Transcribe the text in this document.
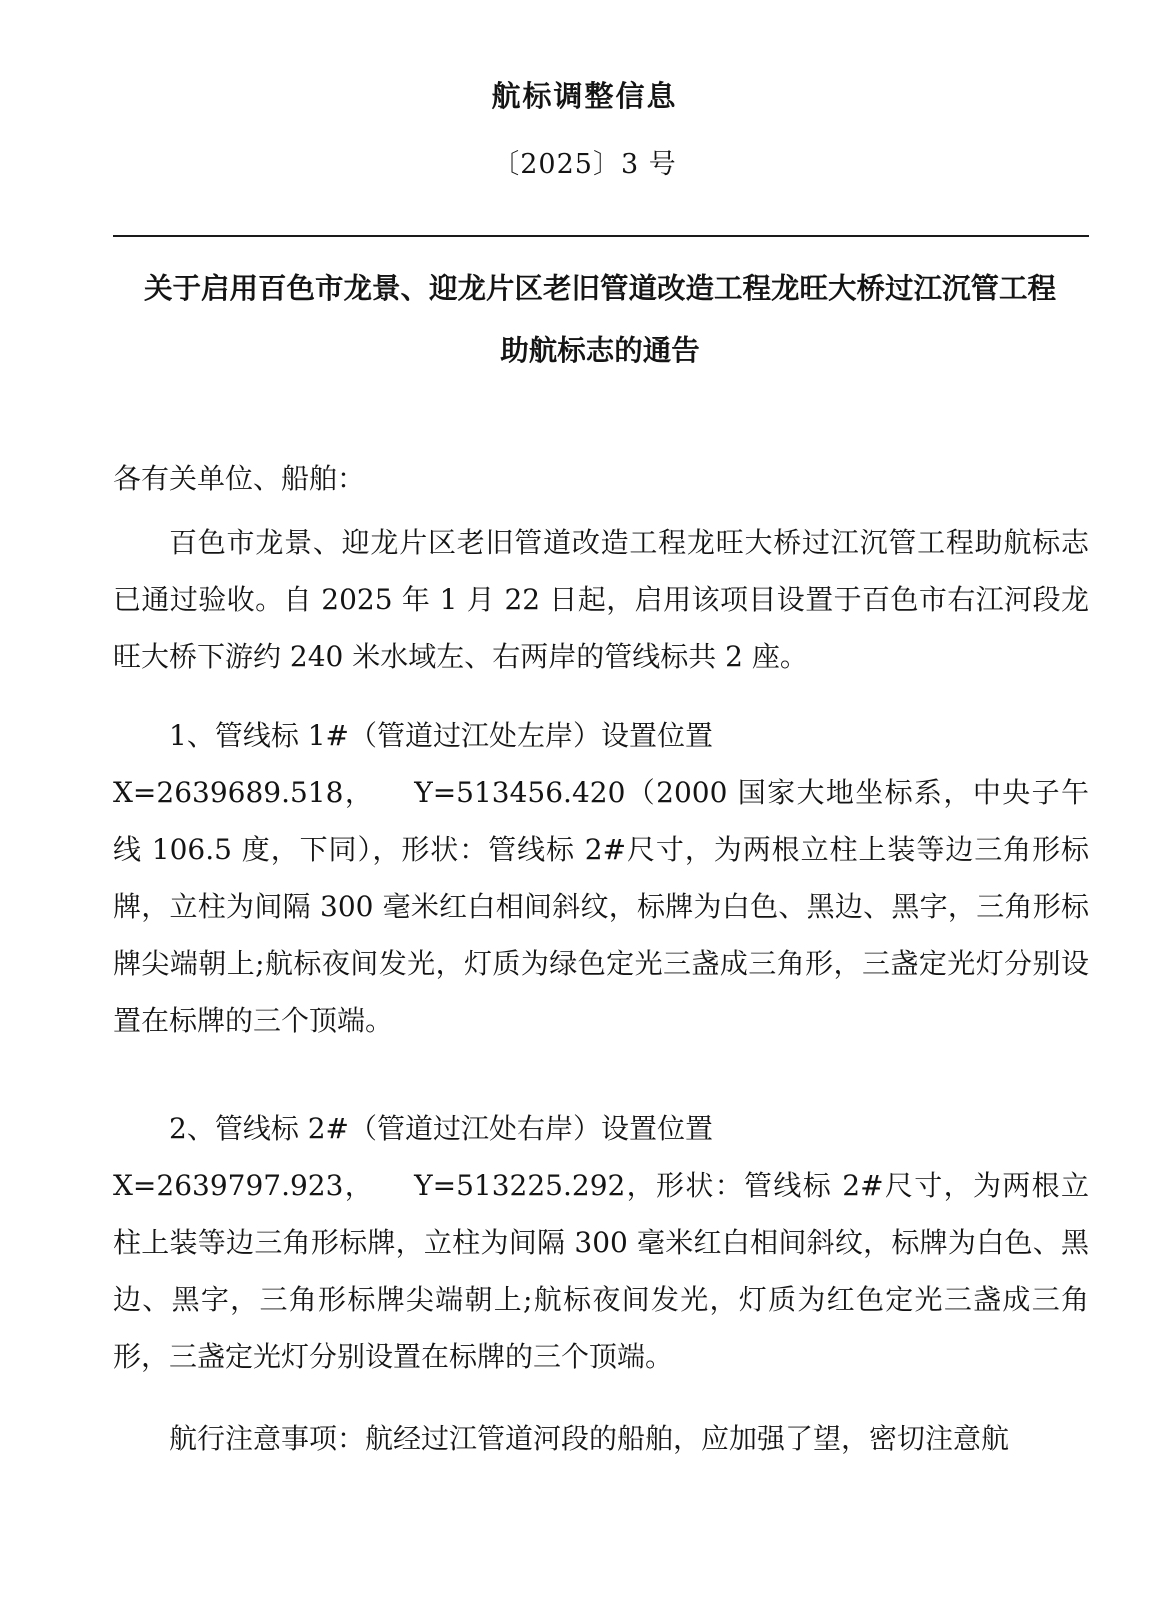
航标调整信息
〔2025〕3 号
关于启用百色市龙景、迎龙片区老旧管道改造工程龙旺大桥过江沉管工程
助航标志的通告
各有关单位、船舶：
百色市龙景、迎龙片区老旧管道改造工程龙旺大桥过江沉管工程助航标志已通过验收。自 2025 年 1 月 22 日起，启用该项目设置于百色市右江河段龙旺大桥下游约 240 米水域左、右两岸的管线标共 2 座。
1、管线标 1#（管道过江处左岸）设置位置
X=2639689.518， Y=513456.420（2000 国家大地坐标系，中央子午线 106.5 度，下同），形状：管线标 2#尺寸，为两根立柱上装等边三角形标牌，立柱为间隔 300 毫米红白相间斜纹，标牌为白色、黑边、黑字，三角形标牌尖端朝上;航标夜间发光，灯质为绿色定光三盏成三角形，三盏定光灯分别设置在标牌的三个顶端。
2、管线标 2#（管道过江处右岸）设置位置
X=2639797.923， Y=513225.292，形状：管线标 2#尺寸，为两根立柱上装等边三角形标牌，立柱为间隔 300 毫米红白相间斜纹，标牌为白色、黑边、黑字，三角形标牌尖端朝上;航标夜间发光，灯质为红色定光三盏成三角形，三盏定光灯分别设置在标牌的三个顶端。
航行注意事项：航经过江管道河段的船舶，应加强了望，密切注意航
